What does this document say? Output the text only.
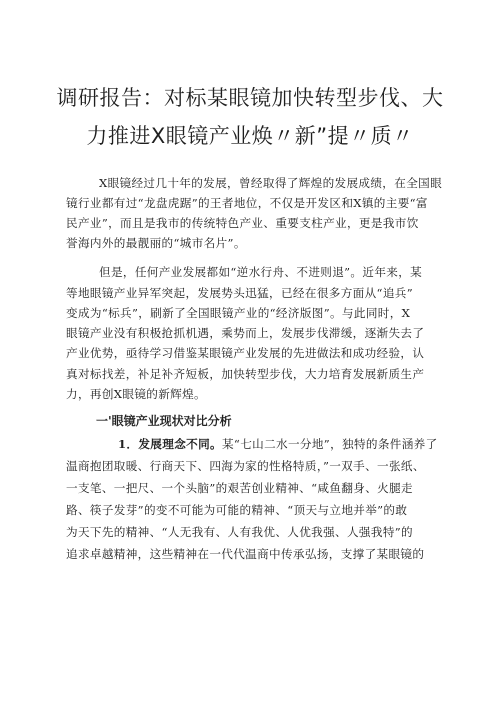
调研报告：对标某眼镜加快转型步伐、大
力推进X眼镜产业焕〃新”提〃质〃
X眼镜经过几十年的发展，曾经取得了辉煌的发展成绩，在全国眼
镜行业都有过“龙盘虎踞”的王者地位，不仅是开发区和X镇的主要“富
民产业”，而且是我市的传统特色产业、重要支柱产业，更是我市饮
誉海内外的最靓丽的“城市名片”。
但是，任何产业发展都如“逆水行舟、不进则退”。近年来，某
等地眼镜产业异军突起，发展势头迅猛，已经在很多方面从“追兵”
变成为“标兵”，刷新了全国眼镜产业的“经济版图”。与此同时，X
眼镜产业没有积极抢抓机遇，乘势而上，发展步伐滞缓，逐渐失去了
产业优势，亟待学习借鉴某眼镜产业发展的先进做法和成功经验，认
真对标找差，补足补齐短板，加快转型步伐，大力培育发展新质生产
力，再创X眼镜的新辉煌。
一'眼镜产业现状对比分析
1．发展理念不同。某“七山二水一分地”，独特的条件涵养了
温商抱团取暖、行商天下、四海为家的性格特质，”一双手、一张纸、
一支笔、一把尺、一个头脑”的艰苦创业精神、“咸鱼翻身、火腿走
路、筷子发芽”的变不可能为可能的精神、“顶天与立地并举”的敢
为天下先的精神、“人无我有、人有我优、人优我强、人强我特”的
追求卓越精神，这些精神在一代代温商中传承弘扬，支撑了某眼镜的
